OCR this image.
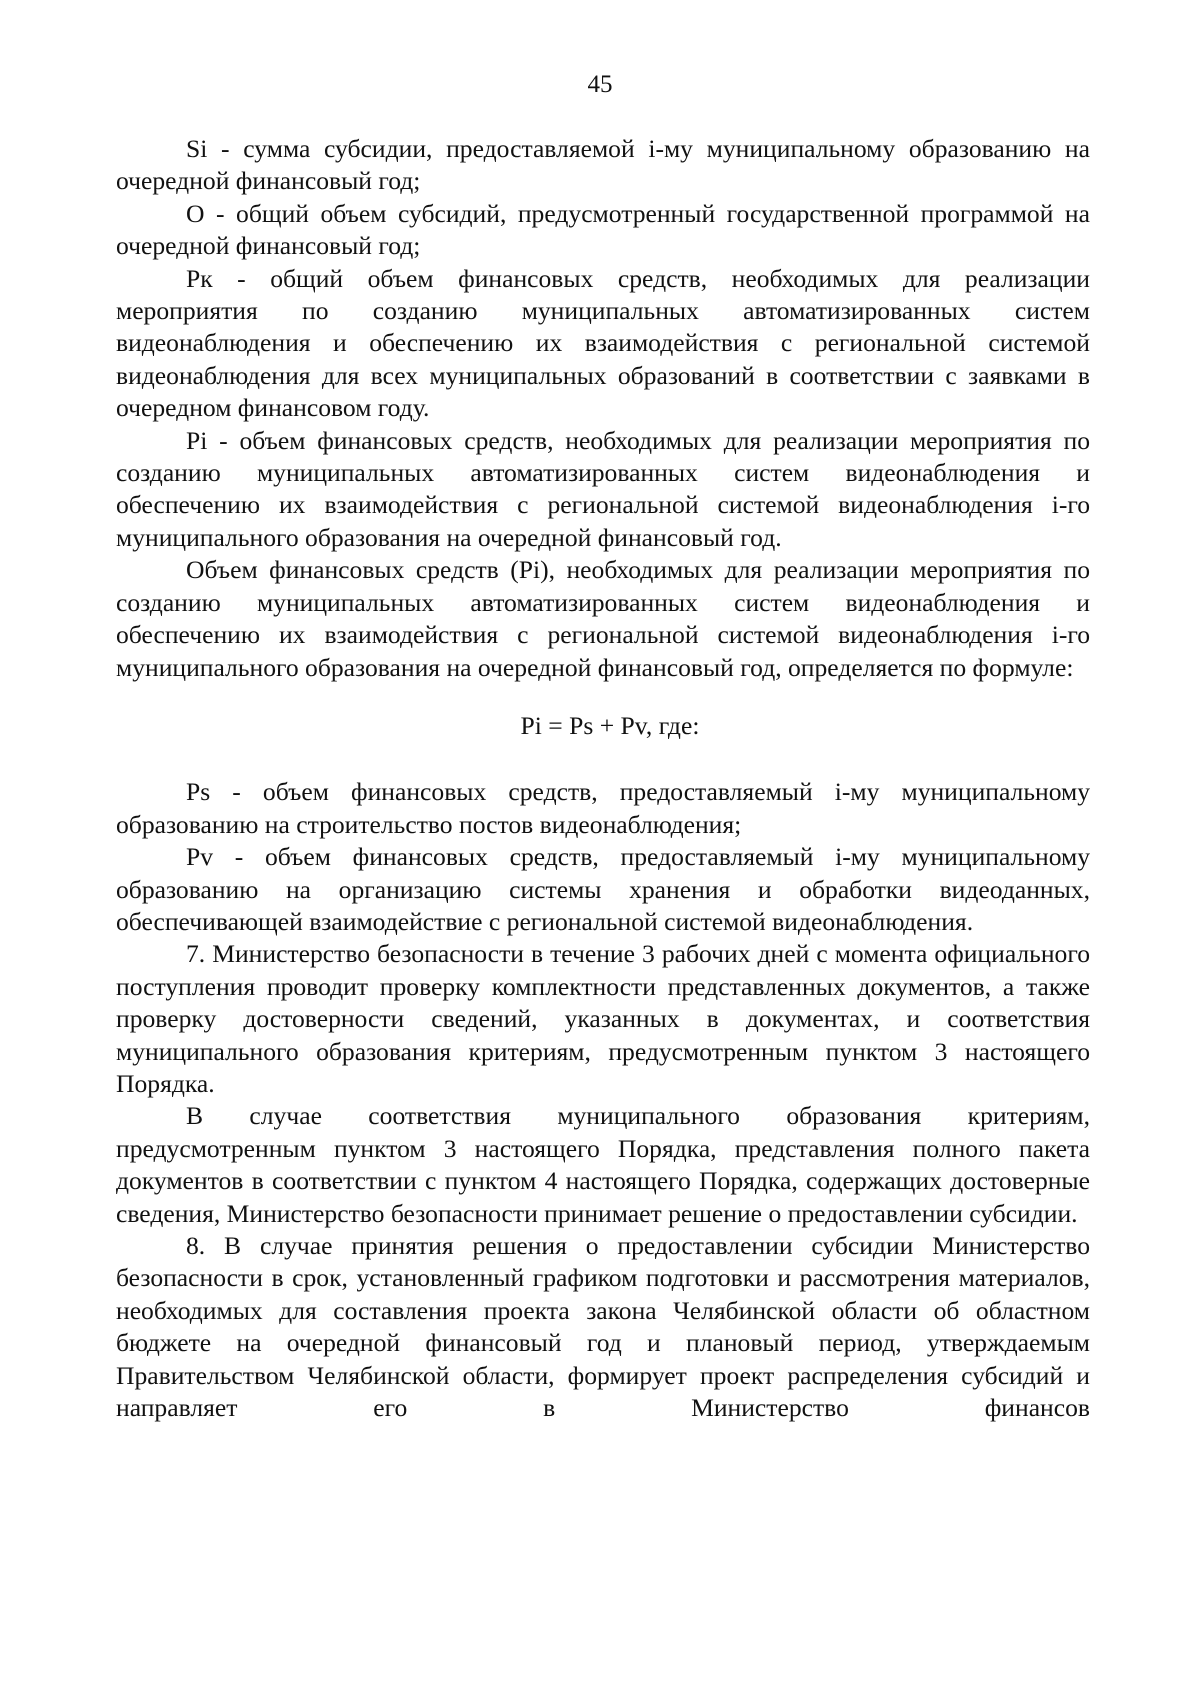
45

Si - сумма субсидии, предоставляемой i-му муниципальному образованию на очередной финансовый год;

О - общий объем субсидий, предусмотренный государственной программой на очередной финансовый год;

Рк - общий объем финансовых средств, необходимых для реализации мероприятия по созданию муниципальных автоматизированных систем видеонаблюдения и обеспечению их взаимодействия с региональной системой видеонаблюдения для всех муниципальных образований в соответствии с заявками в очередном финансовом году.

Pi - объем финансовых средств, необходимых для реализации мероприятия по созданию муниципальных автоматизированных систем видеонаблюдения и обеспечению их взаимодействия с региональной системой видеонаблюдения i-го муниципального образования на очередной финансовый год.

Объем финансовых средств (Pi), необходимых для реализации мероприятия по созданию муниципальных автоматизированных систем видеонаблюдения и обеспечению их взаимодействия с региональной системой видеонаблюдения i-го муниципального образования на очередной финансовый год, определяется по формуле:

Pi = Ps + Pv, где:

Ps - объем финансовых средств, предоставляемый i-му муниципальному образованию на строительство постов видеонаблюдения;

Pv - объем финансовых средств, предоставляемый i-му муниципальному образованию на организацию системы хранения и обработки видеоданных, обеспечивающей взаимодействие с региональной системой видеонаблюдения.

7. Министерство безопасности в течение 3 рабочих дней с момента официального поступления проводит проверку комплектности представленных документов, а также проверку достоверности сведений, указанных в документах, и соответствия муниципального образования критериям, предусмотренным пунктом 3 настоящего Порядка.

В случае соответствия муниципального образования критериям, предусмотренным пунктом 3 настоящего Порядка, представления полного пакета документов в соответствии с пунктом 4 настоящего Порядка, содержащих достоверные сведения, Министерство безопасности принимает решение о предоставлении субсидии.

8. В случае принятия решения о предоставлении субсидии Министерство безопасности в срок, установленный графиком подготовки и рассмотрения материалов, необходимых для составления проекта закона Челябинской области об областном бюджете на очередной финансовый год и плановый период, утверждаемым Правительством Челябинской области, формирует проект распределения субсидий и направляет его в Министерство финансов
